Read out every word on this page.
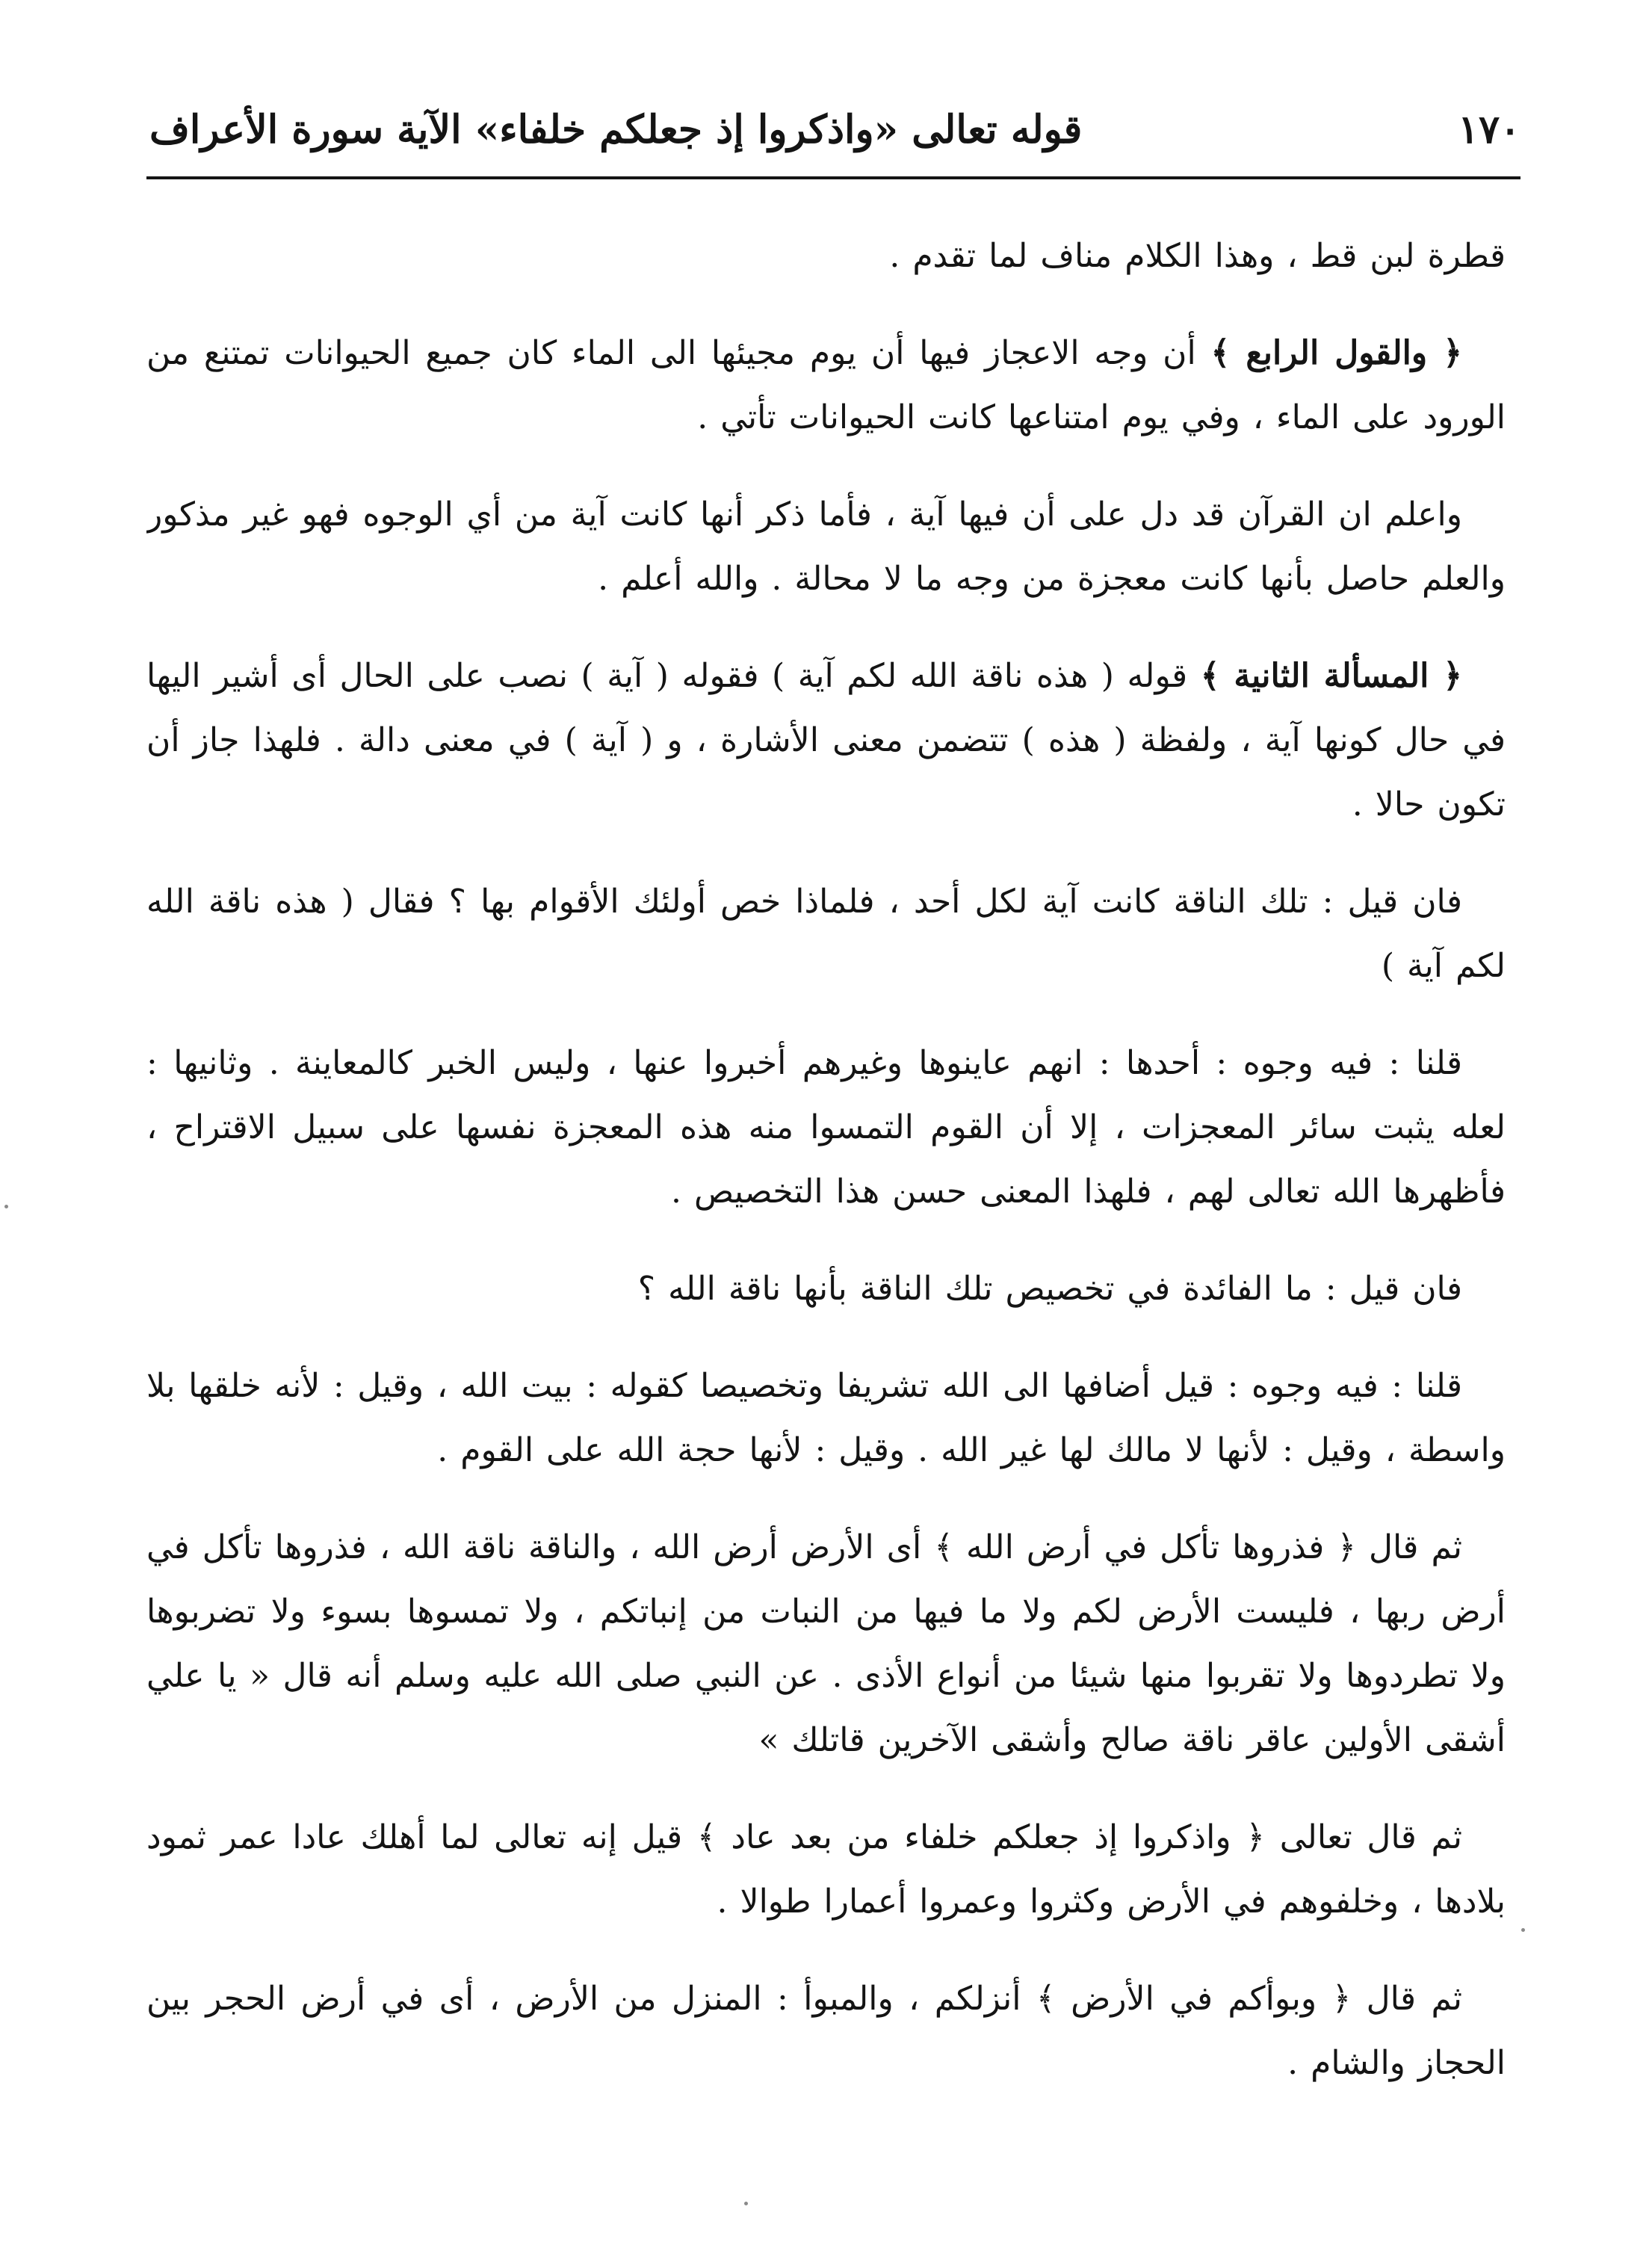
١٧٠
قوله تعالى «واذكروا إذ جعلكم خلفاء» الآية سورة الأعراف

قطرة لبن قط ، وهذا الكلام مناف لما تقدم .

﴿ والقول الرابع ﴾ أن وجه الاعجاز فيها أن يوم مجيئها الى الماء كان جميع الحيوانات تمتنع من الورود على الماء ، وفي يوم امتناعها كانت الحيوانات تأتي .

واعلم ان القرآن قد دل على أن فيها آية ، فأما ذكر أنها كانت آية من أي الوجوه فهو غير مذكور والعلم حاصل بأنها كانت معجزة من وجه ما لا محالة . والله أعلم .

﴿ المسألة الثانية ﴾ قوله ( هذه ناقة الله لكم آية ) فقوله ( آية ) نصب على الحال أى أشير اليها في حال كونها آية ، ولفظة ( هذه ) تتضمن معنى الأشارة ، و ( آية ) في معنى دالة . فلهذا جاز أن تكون حالا .

فان قيل : تلك الناقة كانت آية لكل أحد ، فلماذا خص أولئك الأقوام بها ؟ فقال ( هذه ناقة الله لكم آية )

قلنا : فيه وجوه : أحدها : انهم عاينوها وغيرهم أخبروا عنها ، وليس الخبر كالمعاينة . وثانيها : لعله يثبت سائر المعجزات ، إلا أن القوم التمسوا منه هذه المعجزة نفسها على سبيل الاقتراح ، فأظهرها الله تعالى لهم ، فلهذا المعنى حسن هذا التخصيص .

فان قيل : ما الفائدة في تخصيص تلك الناقة بأنها ناقة الله ؟

قلنا : فيه وجوه : قيل أضافها الى الله تشريفا وتخصيصا كقوله : بيت الله ، وقيل : لأنه خلقها بلا واسطة ، وقيل : لأنها لا مالك لها غير الله . وقيل : لأنها حجة الله على القوم .

ثم قال ﴿ فذروها تأكل في أرض الله ﴾ أى الأرض أرض الله ، والناقة ناقة الله ، فذروها تأكل في أرض ربها ، فليست الأرض لكم ولا ما فيها من النبات من إنباتكم ، ولا تمسوها بسوء ولا تضربوها ولا تطردوها ولا تقربوا منها شيئا من أنواع الأذى . عن النبي صلى الله عليه وسلم أنه قال « يا علي أشقى الأولين عاقر ناقة صالح وأشقى الآخرين قاتلك »

ثم قال تعالى ﴿ واذكروا إذ جعلكم خلفاء من بعد عاد ﴾ قيل إنه تعالى لما أهلك عادا عمر ثمود بلادها ، وخلفوهم في الأرض وكثروا وعمروا أعمارا طوالا .

ثم قال ﴿ وبوأكم في الأرض ﴾ أنزلكم ، والمبوأ : المنزل من الأرض ، أى في أرض الحجر بين الحجاز والشام .
